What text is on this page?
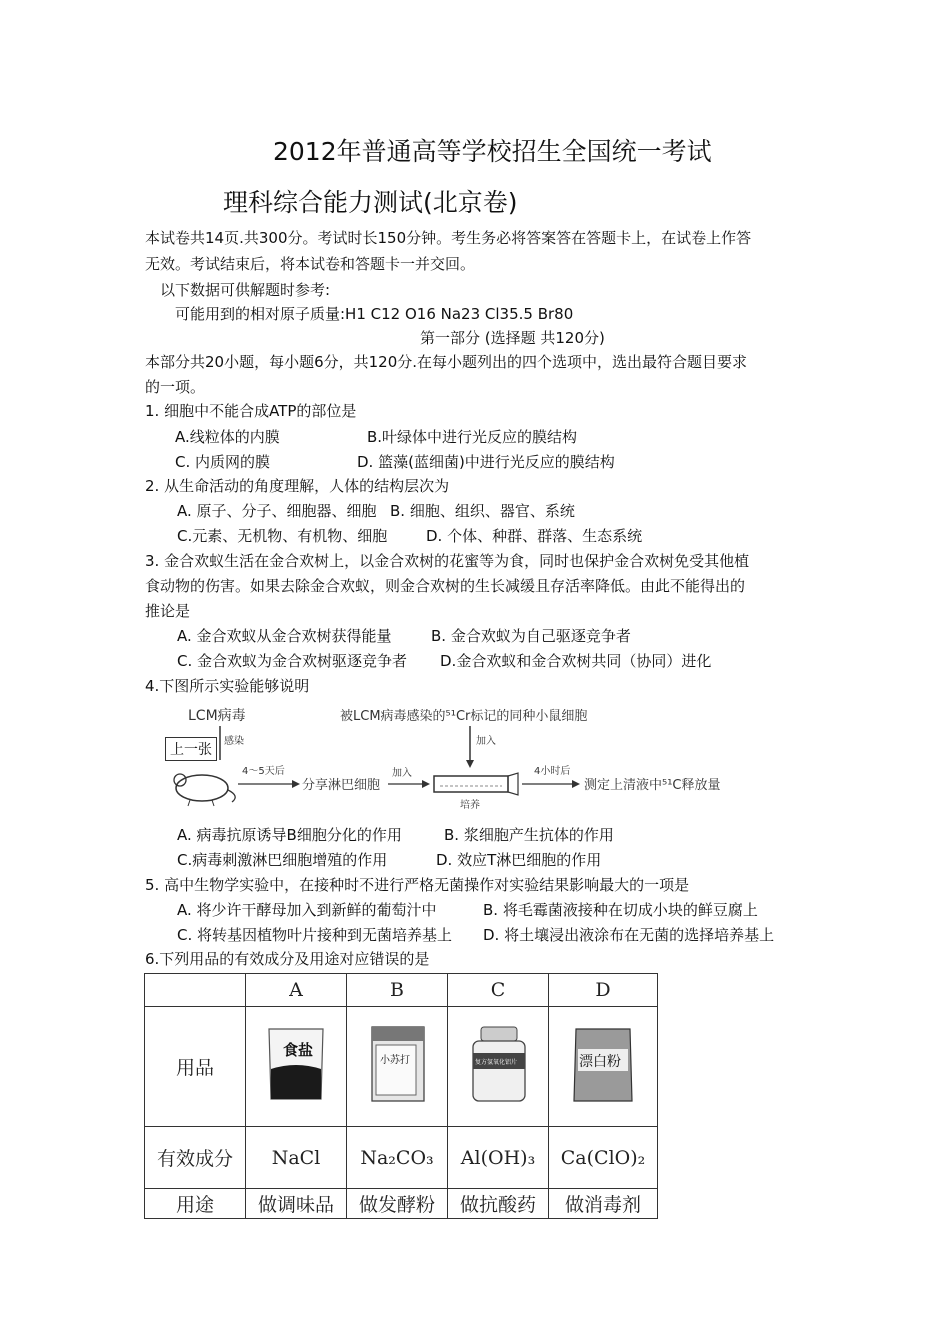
2012年普通高等学校招生全国统一考试
理科综合能力测试(北京卷)
本试卷共14页.共300分。考试时长150分钟。考生务必将答案答在答题卡上，在试卷上作答
无效。考试结束后，将本试卷和答题卡一并交回。
以下数据可供解题时参考:
可能用到的相对原子质量:H1 C12 O16 Na23 Cl35.5 Br80
第一部分 (选择题 共120分)
本部分共20小题，每小题6分，共120分.在每小题列出的四个选项中，选出最符合题目要求
的一项。
1. 细胞中不能合成ATP的部位是
A.线粒体的内膜	B.叶绿体中进行光反应的膜结构
C. 内质网的膜	D. 篮藻(蓝细菌)中进行光反应的膜结构
2. 从生命活动的角度理解，人体的结构层次为
A. 原子、分子、细胞器、细胞 B. 细胞、组织、器官、系统
C.元素、无机物、有机物、细胞	D. 个体、种群、群落、生态系统
3. 金合欢蚁生活在金合欢树上，以金合欢树的花蜜等为食，同时也保护金合欢树免受其他植
食动物的伤害。如果去除金合欢蚁，则金合欢树的生长减缓且存活率降低。由此不能得出的
推论是
A. 金合欢蚁从金合欢树获得能量	B. 金合欢蚁为自己驱逐竞争者
C. 金合欢蚁为金合欢树驱逐竞争者 D.金合欢蚁和金合欢树共同（协同）进化
4.下图所示实验能够说明
LCM病毒	被LCM病毒感染的⁵¹Cr标记的同种小鼠细胞
感染	加入
4～5天后
分享淋巴细胞
加入
培养
4小时后
测定上清液中⁵¹C释放量
上一张
A. 病毒抗原诱导B细胞分化的作用	B. 浆细胞产生抗体的作用
C.病毒刺激淋巴细胞增殖的作用	D. 效应T淋巴细胞的作用
5. 高中生物学实验中，在接种时不进行严格无菌操作对实验结果影响最大的一项是
A. 将少许干酵母加入到新鲜的葡萄汁中	B. 将毛霉菌液接种在切成小块的鲜豆腐上
C. 将转基因植物叶片接种到无菌培养基上 D. 将土壤浸出液涂布在无菌的选择培养基上
6.下列用品的有效成分及用途对应错误的是
	A	B	C	D
用品	食盐	小苏打	复方氢氧化铝片	漂白粉

有效成分	NaCl	Na₂CO₃	Al(OH)₃	Ca(ClO)₂
用途	做调味品	做发酵粉	做抗酸药	做消毒剂
